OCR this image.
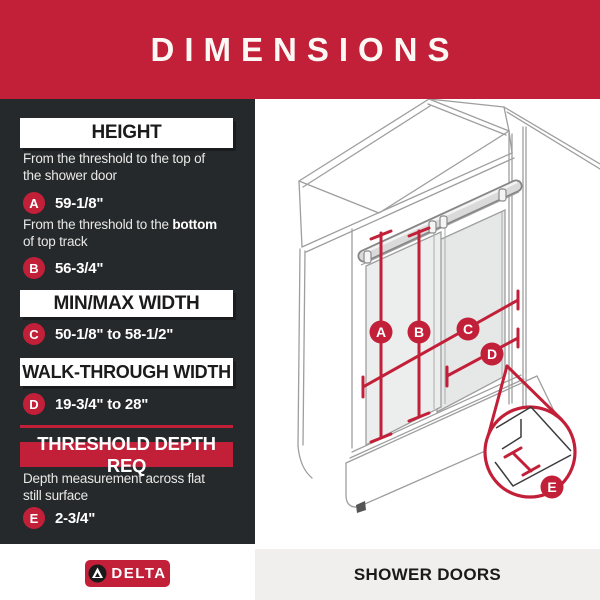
DIMENSIONS
HEIGHT
From the threshold to the top of
the shower door
A	59-1/8"
From the threshold to the bottom
of top track
B	56-3/4"
MIN/MAX WIDTH
C	50-1/8" to 58-1/2"
WALK-THROUGH WIDTH
D	19-3/4" to 28"
THRESHOLD DEPTH REQ
Depth measurement across flat
still surface
E	2-3/4"
A B	C
D
E
DELTA	SHOWER DOORS
